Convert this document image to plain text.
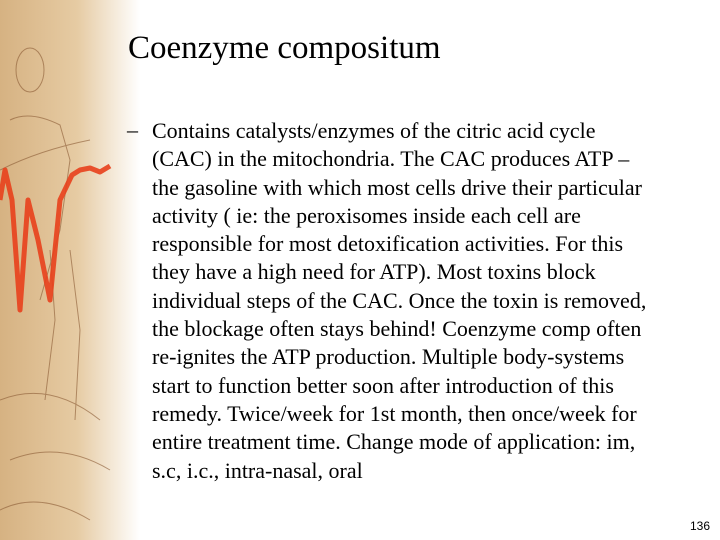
Coenzyme compositum
– Contains catalysts/enzymes of the citric acid cycle
(CAC) in the mitochondria. The CAC produces ATP –
the gasoline with which most cells drive their particular
activity ( ie: the peroxisomes inside each cell are
responsible for most detoxification activities. For this
they have a high need for ATP). Most toxins block
individual steps of the CAC. Once the toxin is removed,
the blockage often stays behind! Coenzyme comp often
re-ignites the ATP production. Multiple body-systems
start to function better soon after introduction of this
remedy. Twice/week for 1st month, then once/week for
entire treatment time. Change mode of application: im,
s.c, i.c., intra-nasal, oral
136
